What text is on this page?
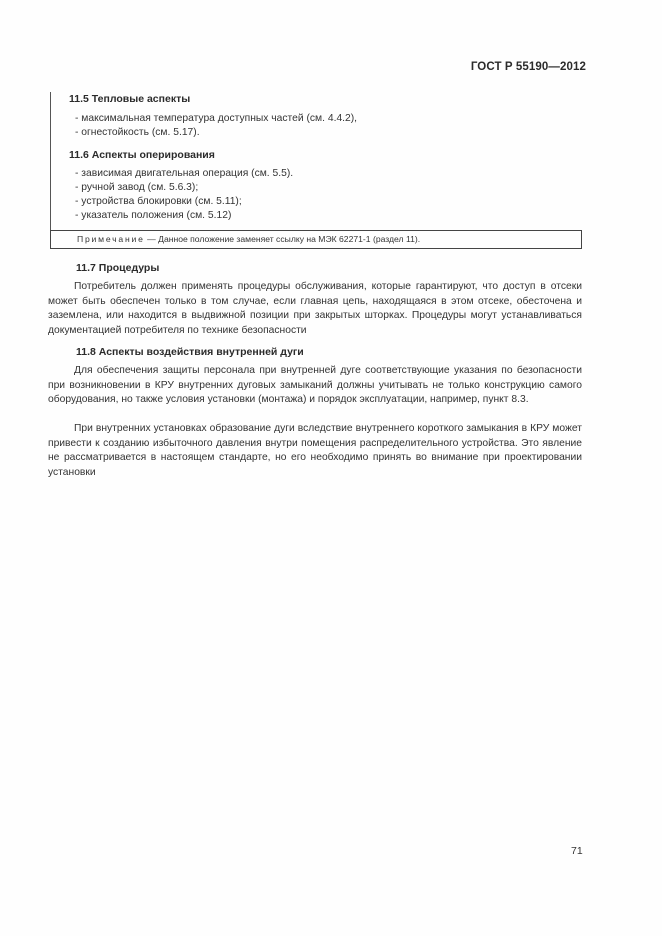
ГОСТ Р 55190—2012
11.5 Тепловые аспекты
- максимальная температура доступных частей (см. 4.4.2),
- огнестойкость (см. 5.17).
11.6 Аспекты оперирования
- зависимая двигательная операция (см. 5.5).
- ручной завод (см. 5.6.3);
- устройства блокировки (см. 5.11);
- указатель положения (см. 5.12)
Примечание — Данное положение заменяет ссылку на МЭК 62271-1 (раздел 11).
11.7 Процедуры
Потребитель должен применять процедуры обслуживания, которые гарантируют, что доступ в отсеки может быть обеспечен только в том случае, если главная цепь, находящаяся в этом отсеке, обесточена и заземлена, или находится в выдвижной позиции при закрытых шторках. Процедуры могут устанавливаться документацией потребителя по технике безопасности
11.8 Аспекты воздействия внутренней дуги
Для обеспечения защиты персонала при внутренней дуге соответствующие указания по безопасности при возникновении в КРУ внутренних дуговых замыканий должны учитывать не только конструкцию самого оборудования, но также условия установки (монтажа) и порядок эксплуатации, например, пункт 8.3.
При внутренних установках образование дуги вследствие внутреннего короткого замыкания в КРУ может привести к созданию избыточного давления внутри помещения распределительного устройства. Это явление не рассматривается в настоящем стандарте, но его необходимо принять во внимание при проектировании установки
71
